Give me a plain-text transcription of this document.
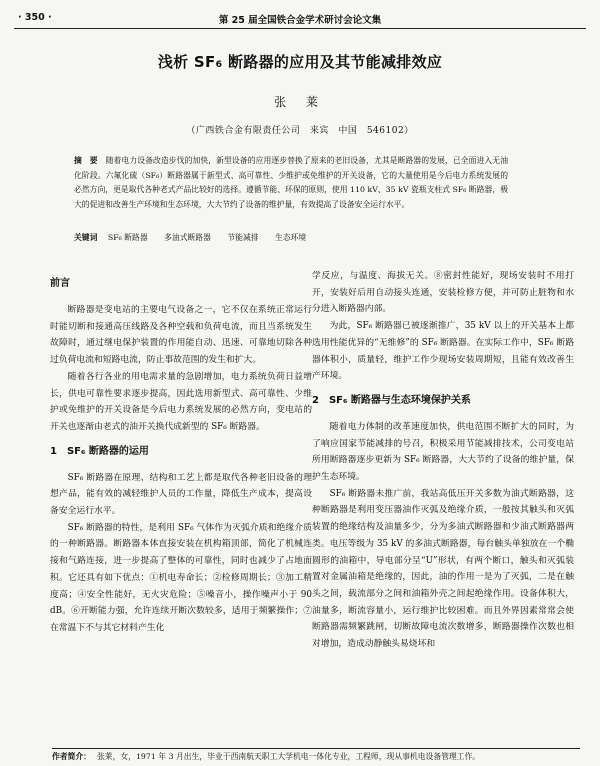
· 350 ·	第 25 届全国铁合金学术研讨会论文集
浅析 SF₆ 断路器的应用及其节能减排效应
张 莱
（广西铁合金有限责任公司　来宾　中国　546102）
摘　要 随着电力设备改造步伐的加快，新型设备的应用逐步替换了原来的老旧设备，尤其是断路器的发展，已全面进入无油化阶段。六氟化硫（SF₆）断路器属于新型式、高可靠性、少维护或免维护的开关设备，它的大量使用是今后电力系统发展的必然方向，更是取代各种老式产品比较好的选择。遵循节能、环保的原则，使用 110 kV、35 kV 瓷瓶支柱式 SF₆ 断路器，极大的促进和改善生产环境和生态环境，大大节约了设备的维护量，有效提高了设备安全运行水平。
关键词 SF₆ 断路器 多油式断路器 节能减排 生态环境
前言

断路器是变电站的主要电气设备之一，它不仅在系统正常运行时能切断和接通高压线路及各种空载和负荷电流，而且当系统发生故障时，通过继电保护装置的作用能自动、迅速、可靠地切除各种过负荷电流和短路电流，防止事故范围的发生和扩大。

随着各行各业的用电需求量的急剧增加，电力系统负荷日益增长，供电可靠性要求逐步提高，因此选用新型式、高可靠性、少维护或免维护的开关设备是今后电力系统发展的必然方向，变电站的开关也逐渐由老式的油开关换代成新型的 SF₆ 断路器。

1 SF₆ 断路器的运用

SF₆ 断路器在原理、结构和工艺上都是取代各种老旧设备的理想产品，能有效的减轻维护人员的工作量，降低生产成本，提高设备安全运行水平。

SF₆ 断路器的特性，是利用 SF₆ 气体作为灭弧介质和绝缘介质的一种断路器。断路器本体直接安装在机构箱顶部，简化了机械连接和气路连接，进一步提高了整体的可靠性，同时也减少了占地面积。它还具有如下优点：①机电寿命长；②检修周期长；③加工精度高；④安全性能好，无火灾危险；⑤噪音小，操作噪声小于 90 dB。⑥开断能力强，允许连续开断次数较多，适用于频繁操作；⑦在常温下不与其它材料产生化

学反应，与温度、海拔无关。⑧密封性能好，现场安装时不用打开，安装好后用自动接头连通，安装检修方便，并可防止脏物和水分进入断路器内部。

为此，SF₆ 断路器已被逐渐推广，35 kV 以上的开关基本上都选用性能优异的“无维修”的 SF₆ 断路器。在实际工作中，SF₆ 断路器体积小，质量轻，维护工作少现场安装周期短，且能有效改善生产环境。

2 SF₆ 断路器与生态环境保护关系

随着电力体制的改革速度加快，供电范围不断扩大的同时，为了响应国家节能减排的号召，积极采用节能减排技术，公司变电站所用断路器逐步更新为 SF₆ 断路器，大大节约了设备的维护量，保护生态环境。

SF₆ 断路器未推广前，我站高低压开关多数为油式断路器，这种断路器是利用变压器油作灭弧及绝缘介质，一般按其触头和灭弧装置的绝缘结构及油量多少，分为多油式断路器和少油式断路器两类。电压等级为 35 kV 的多油式断路器，每台触头单独放在一个椭圆形的油箱中，导电部分呈“U”形状，有两个断口，触头和灭弧装置对金属油箱是绝缘的，因此，油的作用一是为了灭弧，二是在触头之间，载流部分之间和油箱外壳之间起绝缘作用。设备体积大，油量多，断流容量小，运行维护比较困难。而且外界因素常常会使断路器需频繁跳闸，切断故障电流次数增多，断路器操作次数也相对增加，造成动静触头易烧坏和

作者简介： 张莱，女，1971 年 3 月出生，毕业于西南航天职工大学机电一体化专业，工程师，现从事机电设备管理工作。
